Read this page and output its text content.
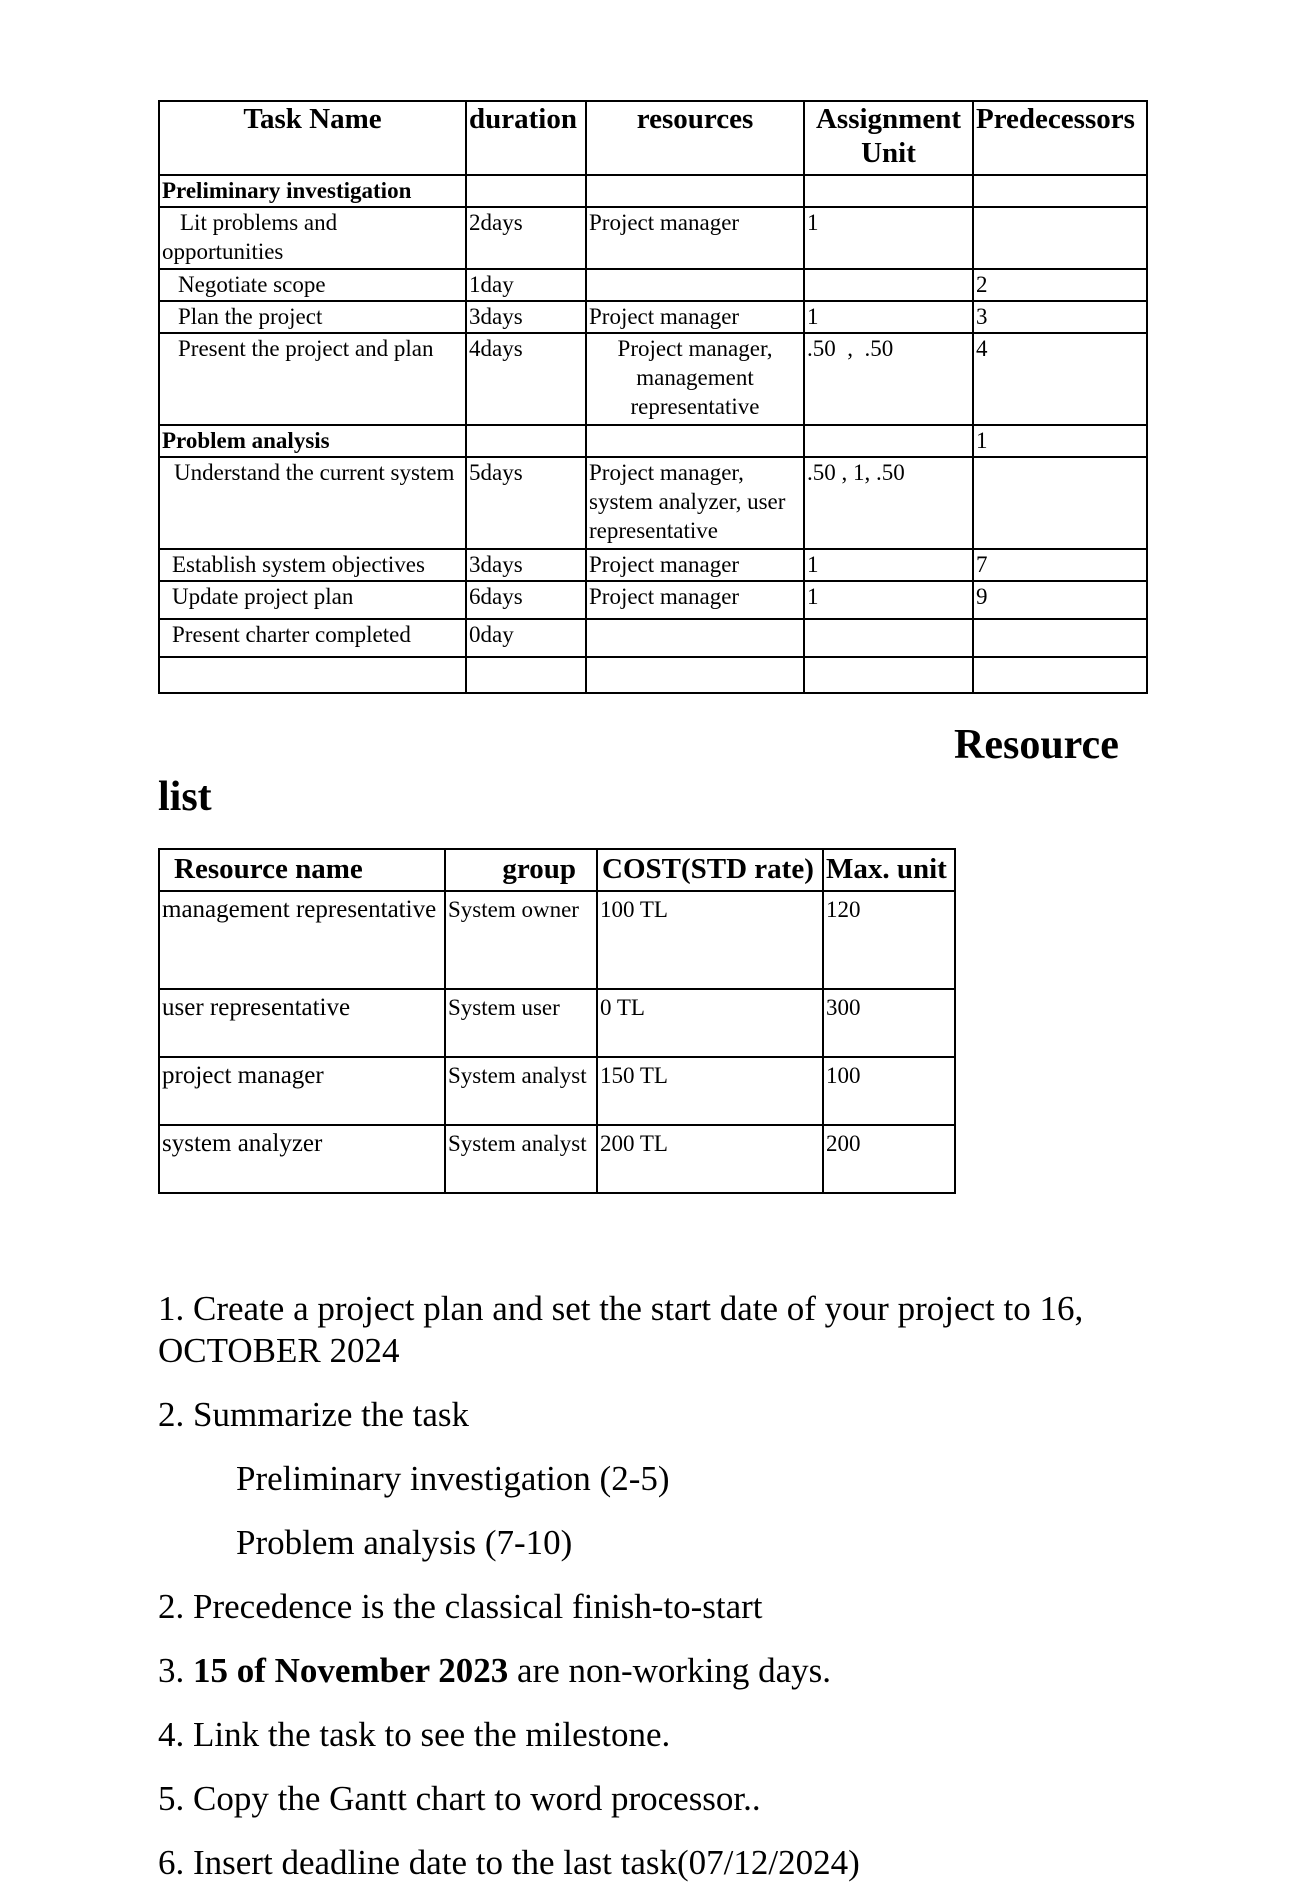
Task Name	duration	resources	Assignment Unit	Predecessors
Preliminary investigation				
Lit problems and opportunities	2days	Project manager	1	
Negotiate scope	1day			2
Plan the project	3days	Project manager	1	3
Present the project and plan	4days	Project manager, management representative	.50  ,  .50	4
Problem analysis				1
Understand the current system	5days	Project manager, system analyzer, user representative	.50 , 1, .50	
Establish system objectives	3days	Project manager	1	7
Update project plan	6days	Project manager	1	9
Present charter completed	0day			

Resource
list
Resource name	group	COST(STD rate)	Max. unit
management representative	System owner	100 TL	120
user representative	System user	0 TL	300
project manager	System analyst	150 TL	100
system analyzer	System analyst	200 TL	200

1. Create a project plan and set the start date of your project to 16, OCTOBER 2024

2. Summarize the task

Preliminary investigation (2-5)

Problem analysis (7-10)

2. Precedence is the classical finish-to-start

3. 15 of November 2023 are non-working days.

4. Link the task to see the milestone.

5. Copy the Gantt chart to word processor..

6. Insert deadline date to the last task(07/12/2024)
